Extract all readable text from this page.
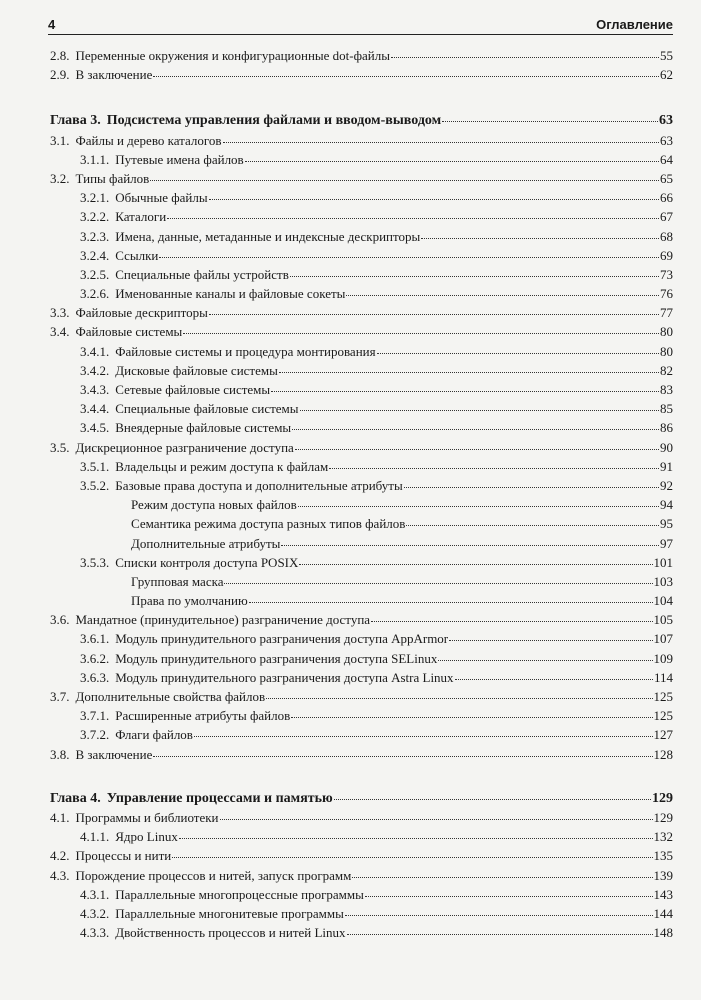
4	Оглавление
2.8. Переменные окружения и конфигурационные dot-файлы	55
2.9. В заключение	62
Глава 3. Подсистема управления файлами и вводом-выводом	63
3.1. Файлы и дерево каталогов	63
3.1.1. Путевые имена файлов	64
3.2. Типы файлов	65
3.2.1. Обычные файлы	66
3.2.2. Каталоги	67
3.2.3. Имена, данные, метаданные и индексные дескрипторы	68
3.2.4. Ссылки	69
3.2.5. Специальные файлы устройств	73
3.2.6. Именованные каналы и файловые сокеты	76
3.3. Файловые дескрипторы	77
3.4. Файловые системы	80
3.4.1. Файловые системы и процедура монтирования	80
3.4.2. Дисковые файловые системы	82
3.4.3. Сетевые файловые системы	83
3.4.4. Специальные файловые системы	85
3.4.5. Внеядерные файловые системы	86
3.5. Дискреционное разграничение доступа	90
3.5.1. Владельцы и режим доступа к файлам	91
3.5.2. Базовые права доступа и дополнительные атрибуты	92
Режим доступа новых файлов	94
Семантика режима доступа разных типов файлов	95
Дополнительные атрибуты	97
3.5.3. Списки контроля доступа POSIX	101
Групповая маска	103
Права по умолчанию	104
3.6. Мандатное (принудительное) разграничение доступа	105
3.6.1. Модуль принудительного разграничения доступа AppArmor	107
3.6.2. Модуль принудительного разграничения доступа SELinux	109
3.6.3. Модуль принудительного разграничения доступа Astra Linux	114
3.7. Дополнительные свойства файлов	125
3.7.1. Расширенные атрибуты файлов	125
3.7.2. Флаги файлов	127
3.8. В заключение	128
Глава 4. Управление процессами и памятью	129
4.1. Программы и библиотеки	129
4.1.1. Ядро Linux	132
4.2. Процессы и нити	135
4.3. Порождение процессов и нитей, запуск программ	139
4.3.1. Параллельные многопроцессные программы	143
4.3.2. Параллельные многонитевые программы	144
4.3.3. Двойственность процессов и нитей Linux	148
